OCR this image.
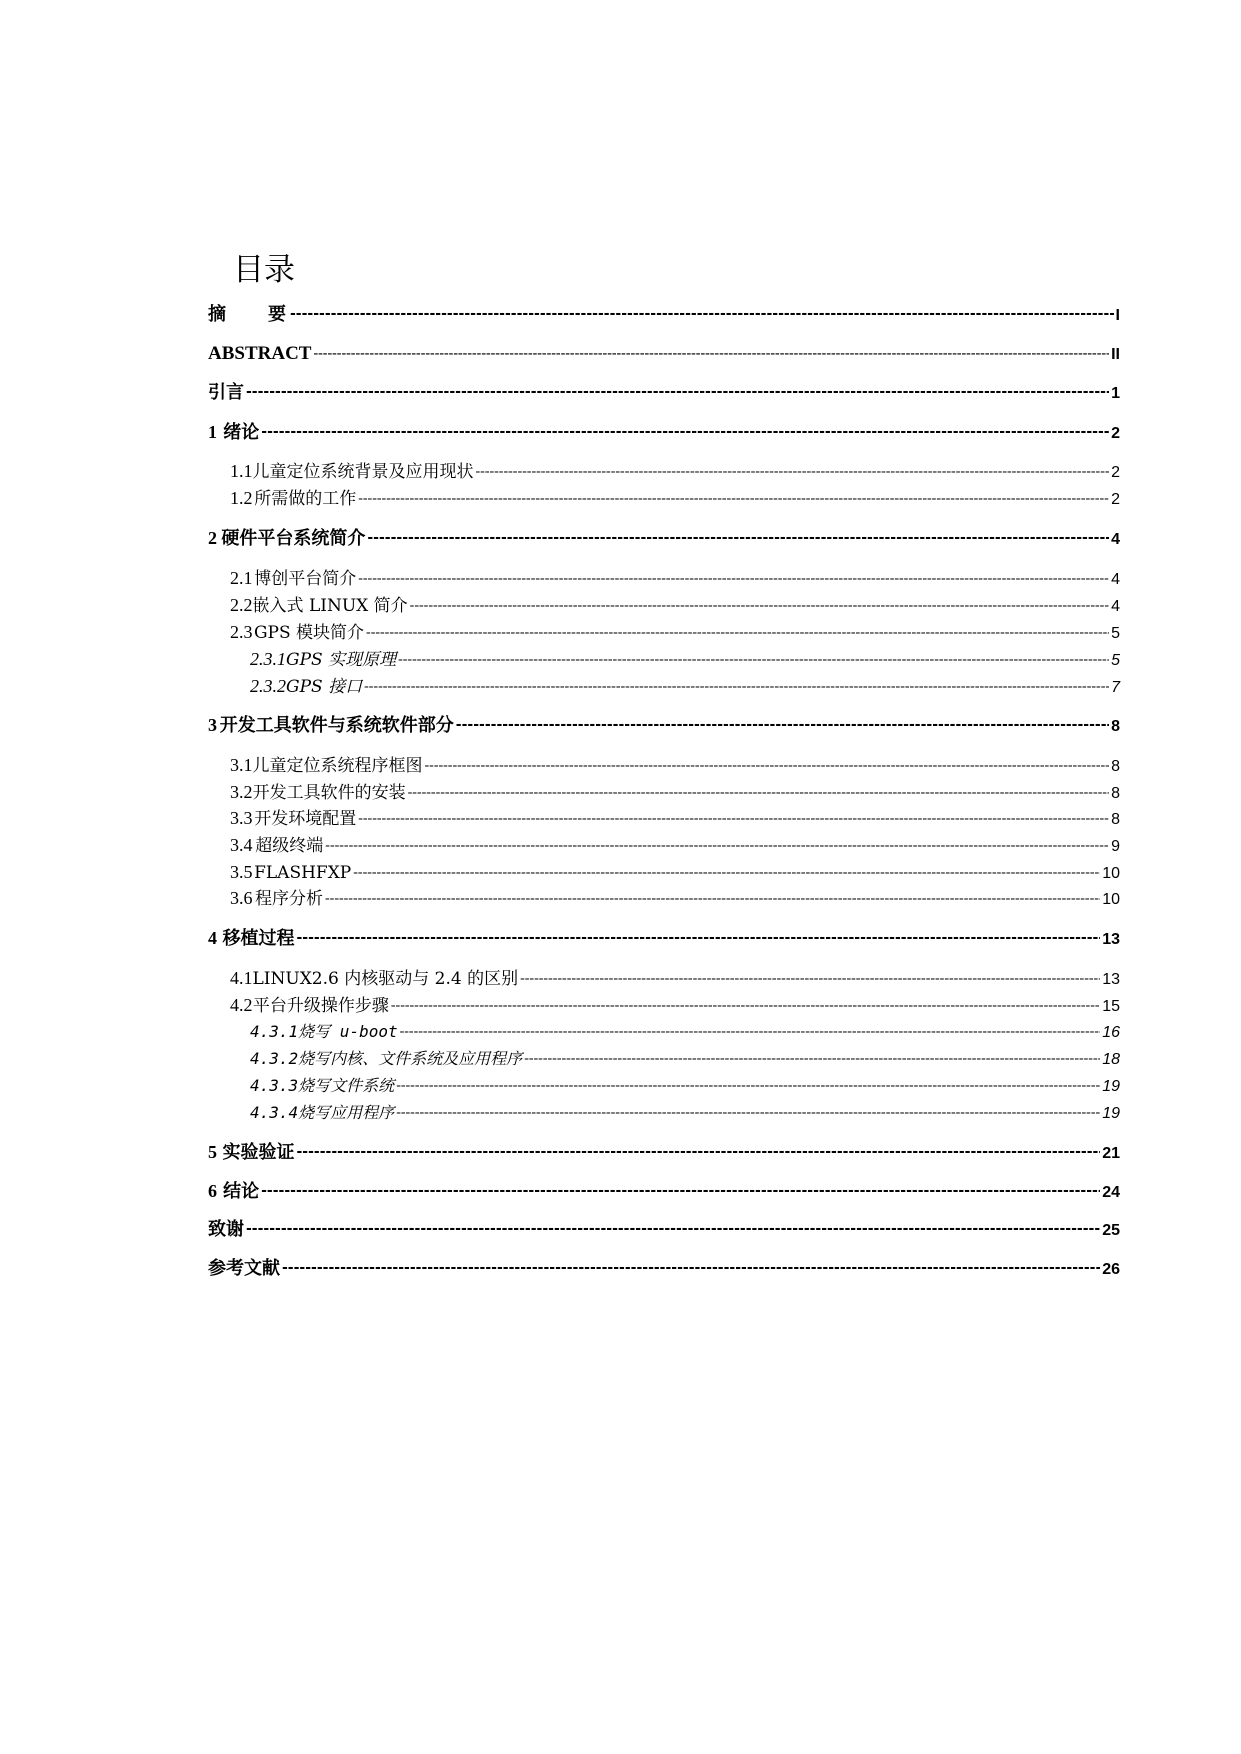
目录
摘　　要 -----	I
ABSTRACT -----	II
引言 -----	1
1 绪论 -----	2
1.1 儿童定位系统背景及应用现状 -----	2
1.2 所需做的工作 -----	2
2 硬件平台系统简介 -----	4
2.1 博创平台简介 -----	4
2.2 嵌入式 LINUX 简介 -----	4
2.3 GPS 模块简介 -----	5
2.3.1 GPS 实现原理 -----	5
2.3.2 GPS 接口 -----	7
3 开发工具软件与系统软件部分 -----	8
3.1 儿童定位系统程序框图 -----	8
3.2 开发工具软件的安装 -----	8
3.3 开发环境配置 -----	8
3.4 超级终端 -----	9
3.5 FLASHFXP -----	10
3.6 程序分析 -----	10
4 移植过程 -----	13
4.1 LINUX2.6 内核驱动与 2.4 的区别 -----	13
4.2 平台升级操作步骤 -----	15
4.3.1 烧写 u-boot -----	16
4.3.2 烧写内核、文件系统及应用程序 -----	18
4.3.3 烧写文件系统 -----	19
4.3.4 烧写应用程序 -----	19
5 实验验证 -----	21
6 结论 -----	24
致谢 -----	25
参考文献 -----	26
